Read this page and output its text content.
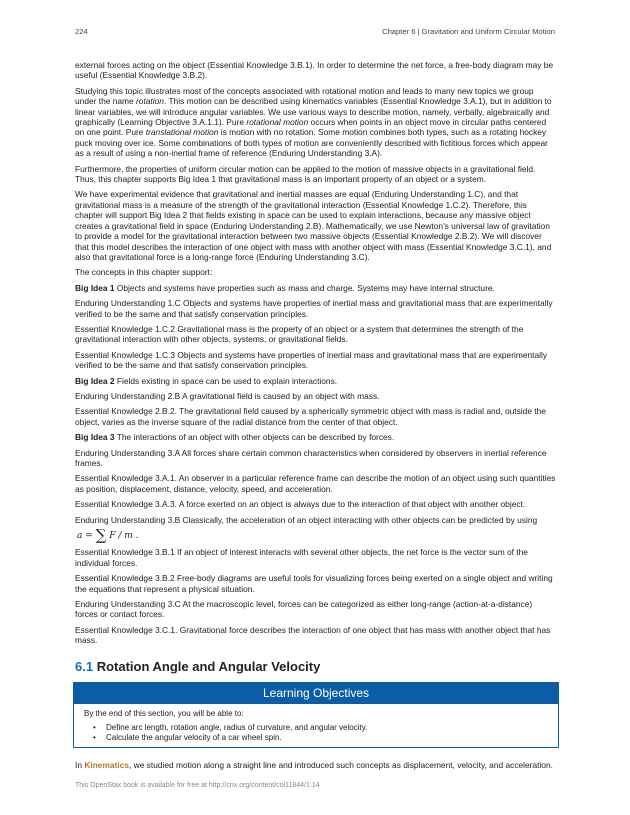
224	Chapter 6 | Gravitation and Uniform Circular Motion

external forces acting on the object (Essential Knowledge 3.B.1). In order to determine the net force, a free-body diagram may be useful (Essential Knowledge 3.B.2).

Studying this topic illustrates most of the concepts associated with rotational motion and leads to many new topics we group under the name rotation. This motion can be described using kinematics variables (Essential Knowledge 3.A.1), but in addition to linear variables, we will introduce angular variables. We use various ways to describe motion, namely, verbally, algebraically and graphically (Learning Objective 3.A.1.1). Pure rotational motion occurs when points in an object move in circular paths centered on one point. Pure translational motion is motion with no rotation. Some motion combines both types, such as a rotating hockey puck moving over ice. Some combinations of both types of motion are conveniently described with fictitious forces which appear as a result of using a non-inertial frame of reference (Enduring Understanding 3.A).

Furthermore, the properties of uniform circular motion can be applied to the motion of massive objects in a gravitational field. Thus, this chapter supports Big Idea 1 that gravitational mass is an important property of an object or a system.

We have experimental evidence that gravitational and inertial masses are equal (Enduring Understanding 1.C), and that gravitational mass is a measure of the strength of the gravitational interaction (Essential Knowledge 1.C.2). Therefore, this chapter will support Big Idea 2 that fields existing in space can be used to explain interactions, because any massive object creates a gravitational field in space (Enduring Understanding 2.B). Mathematically, we use Newton's universal law of gravitation to provide a model for the gravitational interaction between two massive objects (Essential Knowledge 2.B.2). We will discover that this model describes the interaction of one object with mass with another object with mass (Essential Knowledge 3.C.1), and also that gravitational force is a long-range force (Enduring Understanding 3.C).

The concepts in this chapter support:

Big Idea 1 Objects and systems have properties such as mass and charge. Systems may have internal structure.

Enduring Understanding 1.C Objects and systems have properties of inertial mass and gravitational mass that are experimentally verified to be the same and that satisfy conservation principles.

Essential Knowledge 1.C.2 Gravitational mass is the property of an object or a system that determines the strength of the gravitational interaction with other objects, systems, or gravitational fields.

Essential Knowledge 1.C.3 Objects and systems have properties of inertial mass and gravitational mass that are experimentally verified to be the same and that satisfy conservation principles.

Big Idea 2 Fields existing in space can be used to explain interactions.

Enduring Understanding 2.B A gravitational field is caused by an object with mass.

Essential Knowledge 2.B.2. The gravitational field caused by a spherically symmetric object with mass is radial and, outside the object, varies as the inverse square of the radial distance from the center of that object.

Big Idea 3 The interactions of an object with other objects can be described by forces.

Enduring Understanding 3.A All forces share certain common characteristics when considered by observers in inertial reference frames.

Essential Knowledge 3.A.1. An observer in a particular reference frame can describe the motion of an object using such quantities as position, displacement, distance, velocity, speed, and acceleration.

Essential Knowledge 3.A.3. A force exerted on an object is always due to the interaction of that object with another object.

Enduring Understanding 3.B Classically, the acceleration of an object interacting with other objects can be predicted by using

a = ∑ F / m .

Essential Knowledge 3.B.1 If an object of interest interacts with several other objects, the net force is the vector sum of the individual forces.

Essential Knowledge 3.B.2 Free-body diagrams are useful tools for visualizing forces being exerted on a single object and writing the equations that represent a physical situation.

Enduring Understanding 3.C At the macroscopic level, forces can be categorized as either long-range (action-at-a-distance) forces or contact forces.

Essential Knowledge 3.C.1. Gravitational force describes the interaction of one object that has mass with another object that has mass.

6.1 Rotation Angle and Angular Velocity
Learning Objectives
By the end of this section, you will be able to:
• Define arc length, rotation angle, radius of curvature, and angular velocity.
• Calculate the angular velocity of a car wheel spin.

In Kinematics, we studied motion along a straight line and introduced such concepts as displacement, velocity, and acceleration.

This OpenStax book is available for free at http://cnx.org/content/col11844/1.14
